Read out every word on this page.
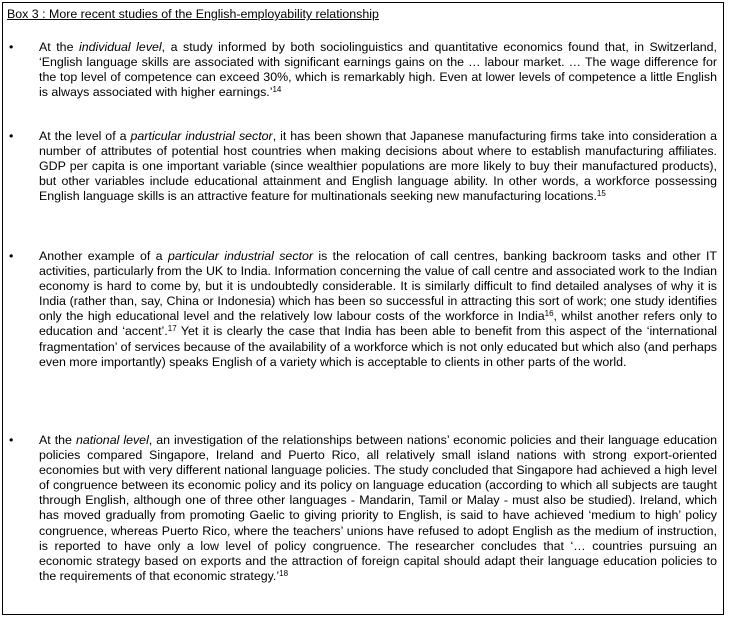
Box 3 : More recent studies of the English-employability relationship
• At the individual level, a study informed by both sociolinguistics and quantitative economics found that, in Switzerland, ‘English language skills are associated with significant earnings gains on the … labour market. … The wage difference for the top level of competence can exceed 30%, which is remarkably high. Even at lower levels of competence a little English is always associated with higher earnings.’$^{14}$

• At the level of a particular industrial sector, it has been shown that Japanese manufacturing firms take into consideration a number of attributes of potential host countries when making decisions about where to establish manufacturing affiliates. GDP per capita is one important variable (since wealthier populations are more likely to buy their manufactured products), but other variables include educational attainment and English language ability. In other words, a workforce possessing English language skills is an attractive feature for multinationals seeking new manufacturing locations.$^{15}$

• Another example of a particular industrial sector is the relocation of call centres, banking backroom tasks and other IT activities, particularly from the UK to India. Information concerning the value of call centre and associated work to the Indian economy is hard to come by, but it is undoubtedly considerable. It is similarly difficult to find detailed analyses of why it is India (rather than, say, China or Indonesia) which has been so successful in attracting this sort of work; one study identifies only the high educational level and the relatively low labour costs of the workforce in India$^{16}$, whilst another refers only to education and ‘accent’.$^{17}$ Yet it is clearly the case that India has been able to benefit from this aspect of the ‘international fragmentation’ of services because of the availability of a workforce which is not only educated but which also (and perhaps even more importantly) speaks English of a variety which is acceptable to clients in other parts of the world.

• At the national level, an investigation of the relationships between nations’ economic policies and their language education policies compared Singapore, Ireland and Puerto Rico, all relatively small island nations with strong export-oriented economies but with very different national language policies. The study concluded that Singapore had achieved a high level of congruence between its economic policy and its policy on language education (according to which all subjects are taught through English, although one of three other languages - Mandarin, Tamil or Malay - must also be studied). Ireland, which has moved gradually from promoting Gaelic to giving priority to English, is said to have achieved ‘medium to high’ policy congruence, whereas Puerto Rico, where the teachers’ unions have refused to adopt English as the medium of instruction, is reported to have only a low level of policy congruence. The researcher concludes that ‘… countries pursuing an economic strategy based on exports and the attraction of foreign capital should adapt their language education policies to the requirements of that economic strategy.’$^{18}$
